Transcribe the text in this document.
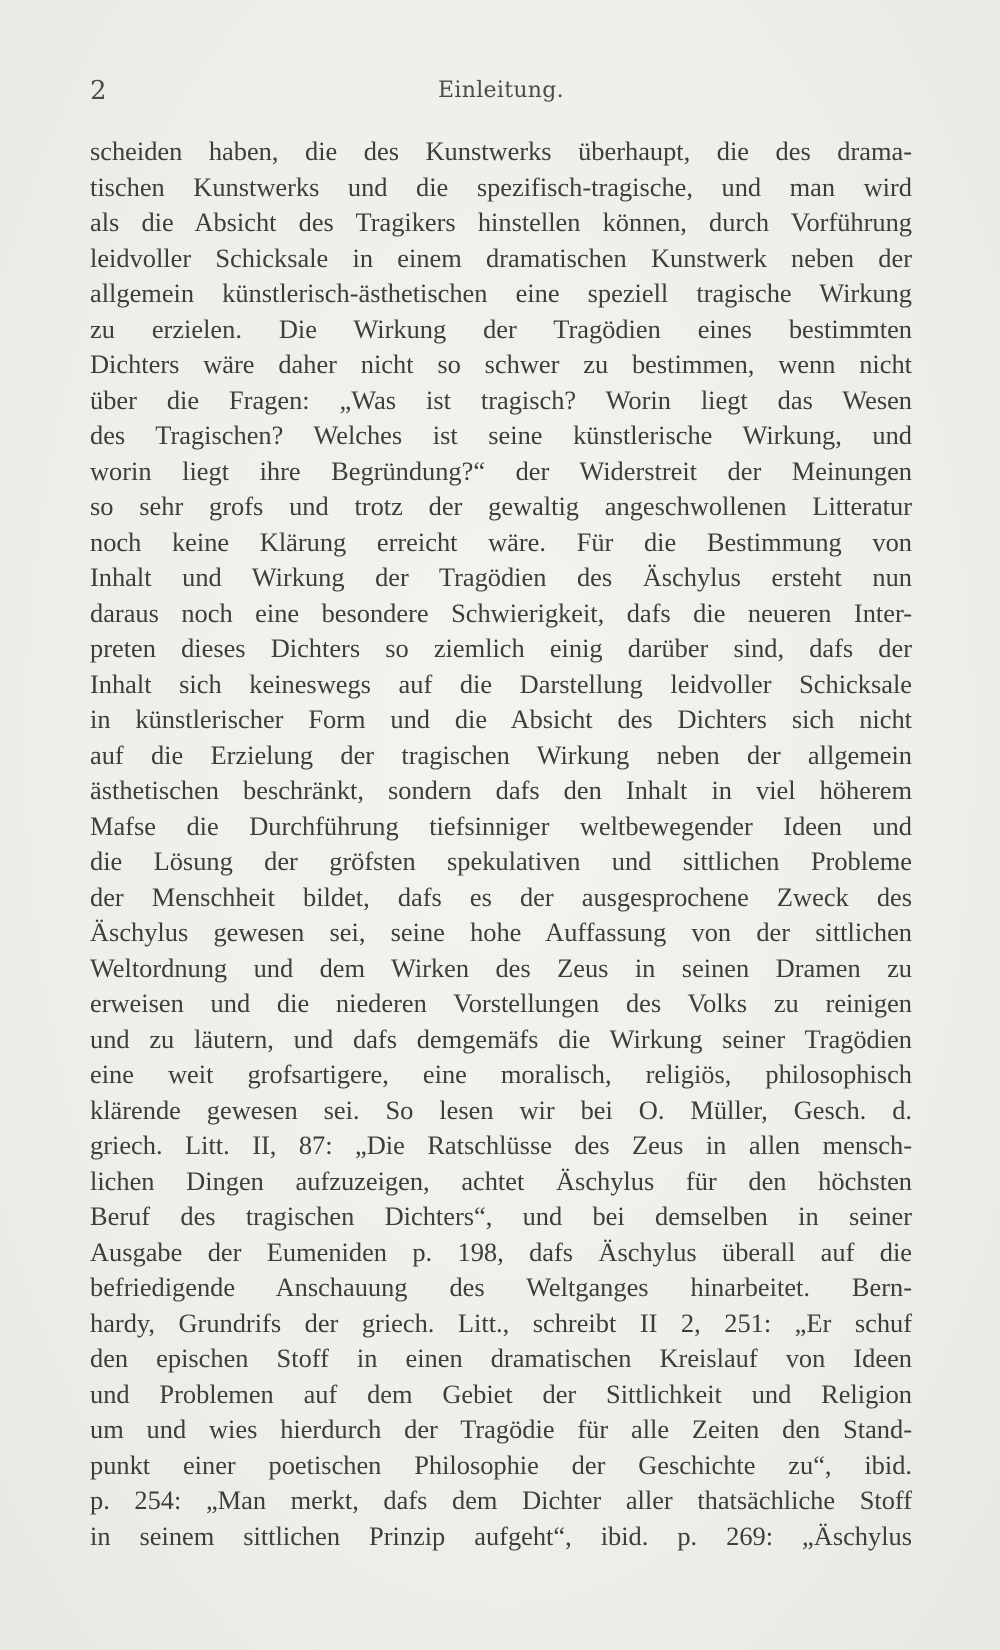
2	Einleitung.
scheiden haben, die des Kunstwerks überhaupt, die des drama-
tischen Kunstwerks und die spezifisch-tragische, und man wird
als die Absicht des Tragikers hinstellen können, durch Vorführung
leidvoller Schicksale in einem dramatischen Kunstwerk neben der
allgemein künstlerisch-ästhetischen eine speziell tragische Wirkung
zu erzielen. Die Wirkung der Tragödien eines bestimmten
Dichters wäre daher nicht so schwer zu bestimmen, wenn nicht
über die Fragen: „Was ist tragisch? Worin liegt das Wesen
des Tragischen? Welches ist seine künstlerische Wirkung, und
worin liegt ihre Begründung?“ der Widerstreit der Meinungen
so sehr grofs und trotz der gewaltig angeschwollenen Litteratur
noch keine Klärung erreicht wäre. Für die Bestimmung von
Inhalt und Wirkung der Tragödien des Äschylus ersteht nun
daraus noch eine besondere Schwierigkeit, dafs die neueren Inter-
preten dieses Dichters so ziemlich einig darüber sind, dafs der
Inhalt sich keineswegs auf die Darstellung leidvoller Schicksale
in künstlerischer Form und die Absicht des Dichters sich nicht
auf die Erzielung der tragischen Wirkung neben der allgemein
ästhetischen beschränkt, sondern dafs den Inhalt in viel höherem
Mafse die Durchführung tiefsinniger weltbewegender Ideen und
die Lösung der gröfsten spekulativen und sittlichen Probleme
der Menschheit bildet, dafs es der ausgesprochene Zweck des
Äschylus gewesen sei, seine hohe Auffassung von der sittlichen
Weltordnung und dem Wirken des Zeus in seinen Dramen zu
erweisen und die niederen Vorstellungen des Volks zu reinigen
und zu läutern, und dafs demgemäfs die Wirkung seiner Tragödien
eine weit grofsartigere, eine moralisch, religiös, philosophisch
klärende gewesen sei. So lesen wir bei O. Müller, Gesch. d.
griech. Litt. II, 87: „Die Ratschlüsse des Zeus in allen mensch-
lichen Dingen aufzuzeigen, achtet Äschylus für den höchsten
Beruf des tragischen Dichters“, und bei demselben in seiner
Ausgabe der Eumeniden p. 198, dafs Äschylus überall auf die
befriedigende Anschauung des Weltganges hinarbeitet. Bern-
hardy, Grundrifs der griech. Litt., schreibt II 2, 251: „Er schuf
den epischen Stoff in einen dramatischen Kreislauf von Ideen
und Problemen auf dem Gebiet der Sittlichkeit und Religion
um und wies hierdurch der Tragödie für alle Zeiten den Stand-
punkt einer poetischen Philosophie der Geschichte zu“, ibid.
p. 254: „Man merkt, dafs dem Dichter aller thatsächliche Stoff
in seinem sittlichen Prinzip aufgeht“, ibid. p. 269: „Äschylus
